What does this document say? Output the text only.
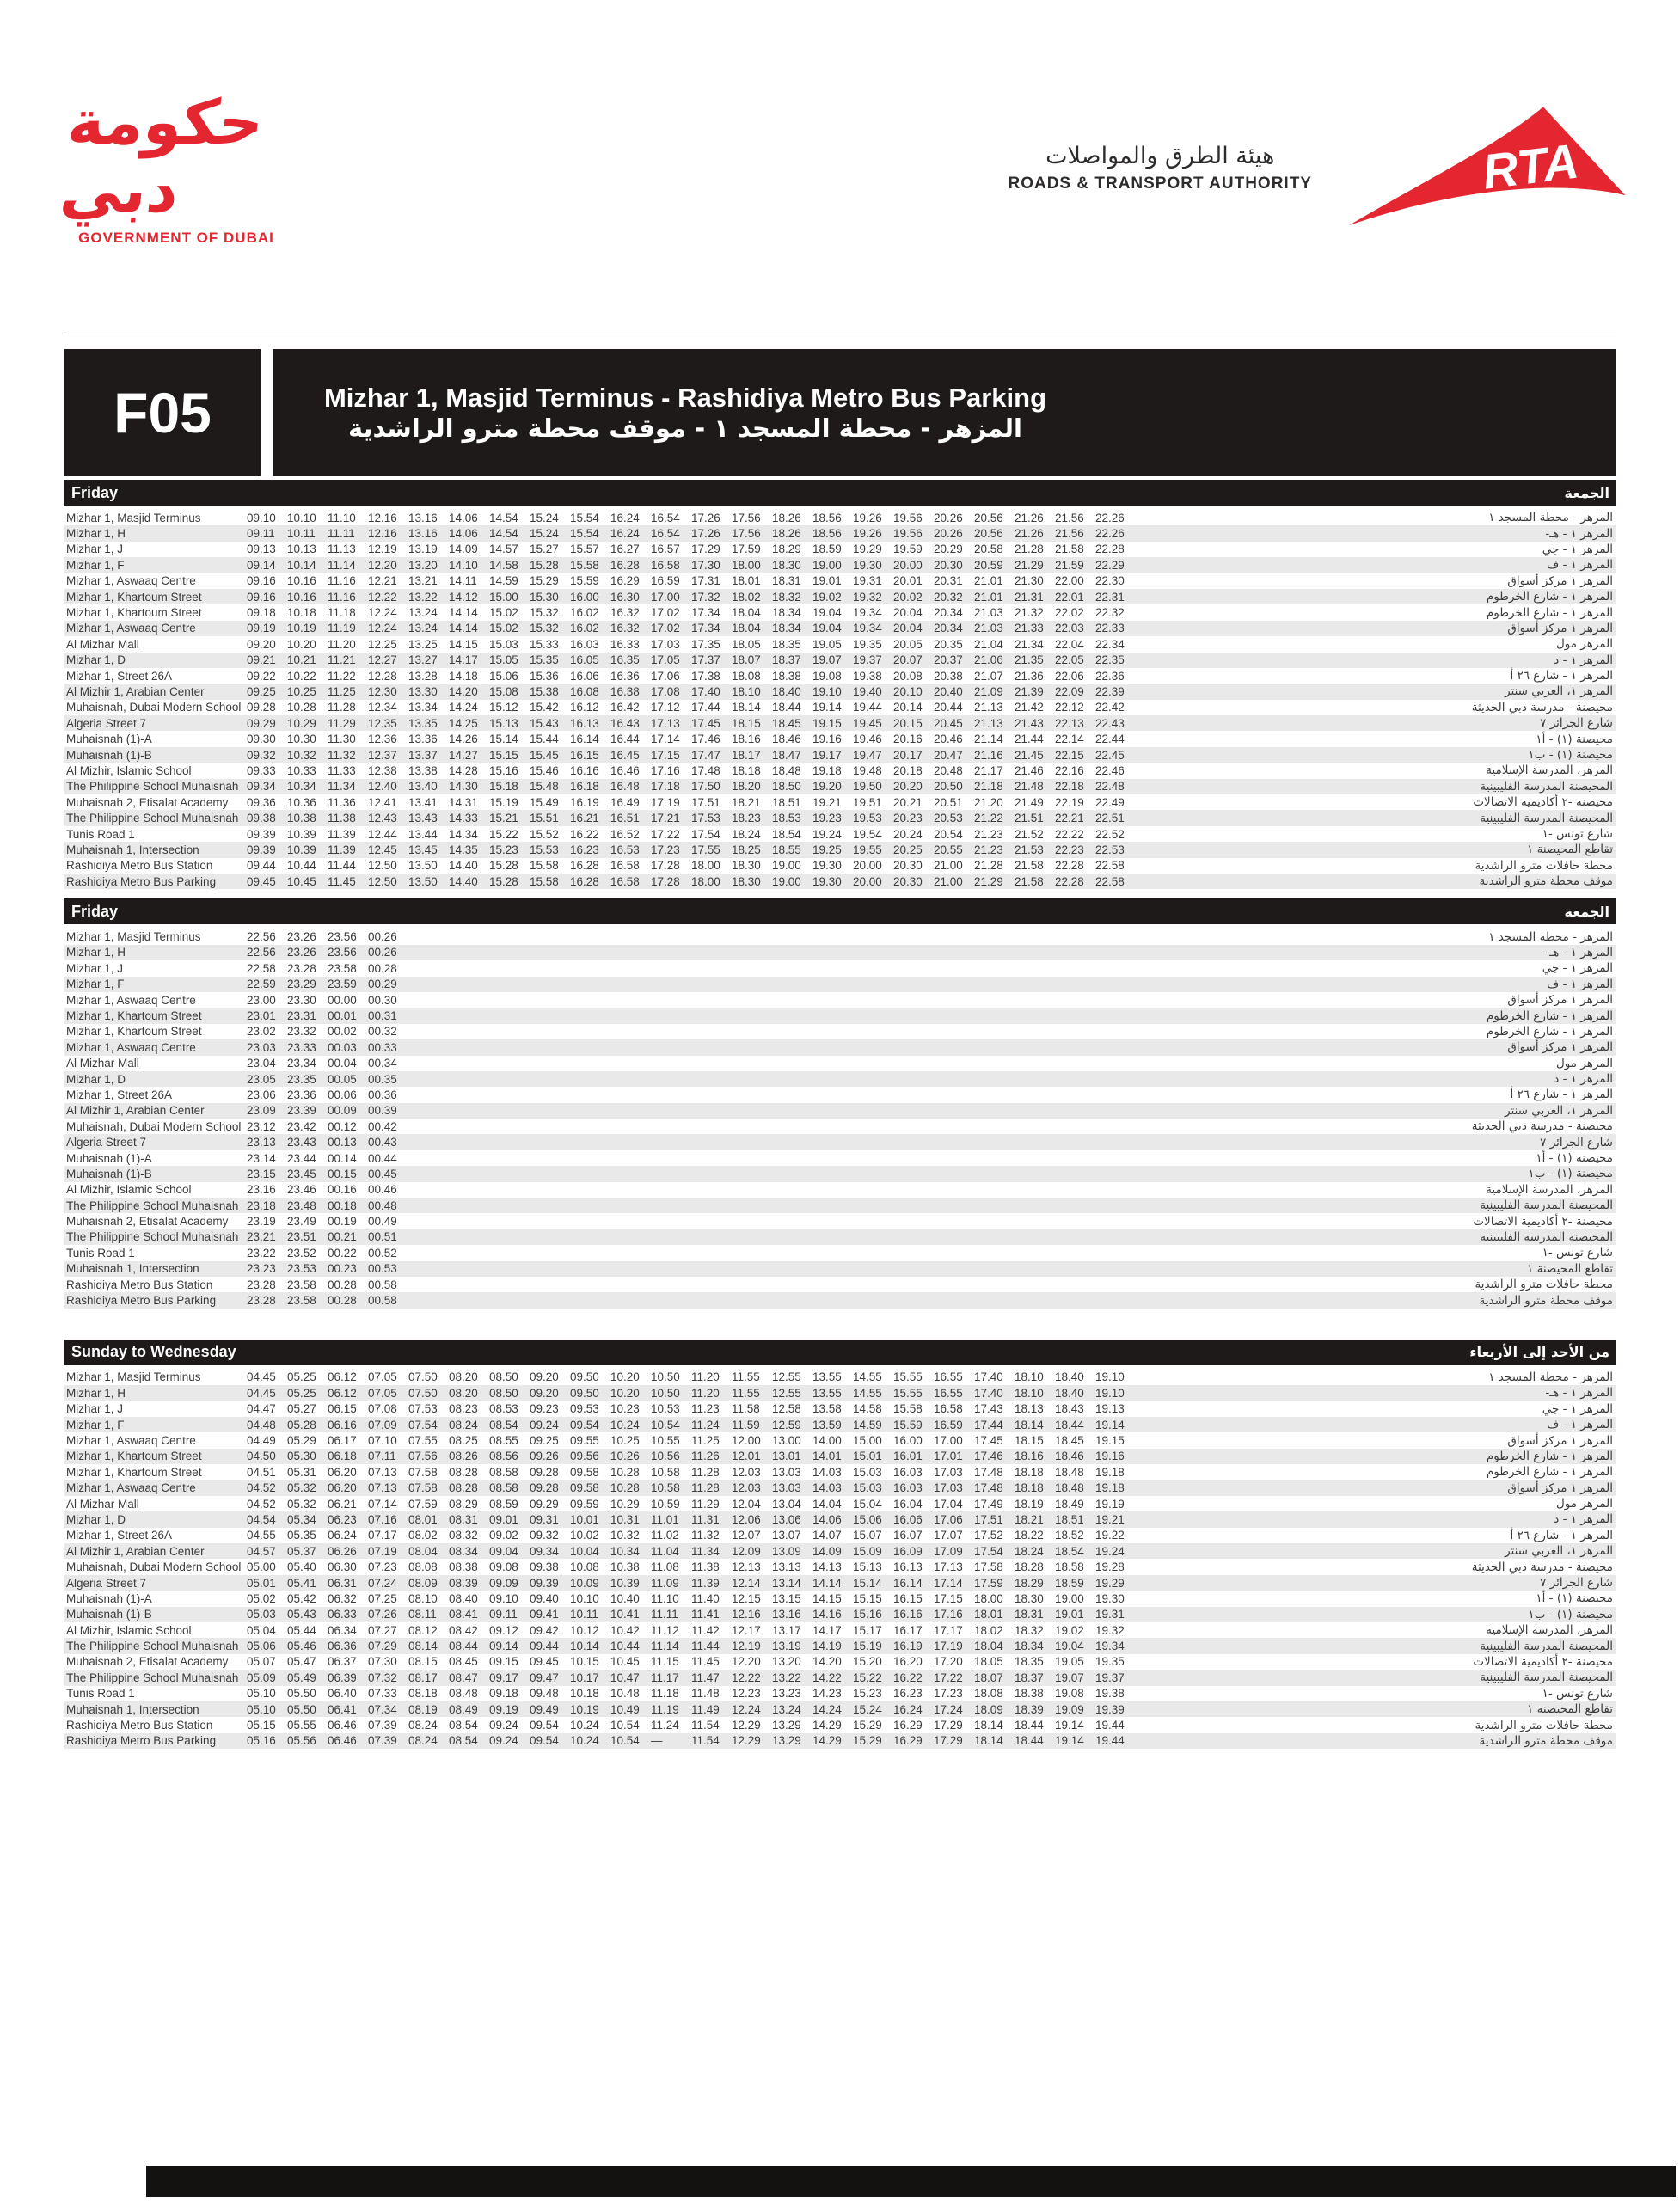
حكومة دبي
GOVERNMENT OF DUBAI
هيئة الطرق والمواصلات
ROADS & TRANSPORT AUTHORITY	RTA
F05	Mizhar 1, Masjid Terminus - Rashidiya Metro Bus Parking
المزهر - محطة المسجد ١ - موقف محطة مترو الراشدية
Friday	الجمعة
Mizhar 1, Masjid Terminus	09.10 10.10 11.10	12.16 13.16 14.06 14.54 15.24 15.54 16.24 16.54 17.26 17.56 18.26 18.56 19.26 19.56 20.26 20.56 21.26 21.56 22.26	المزهر - محطة المسجد ١
Mizhar 1, H	09.11	10.11	11.11	12.16 13.16 14.06 14.54 15.24 15.54 16.24 16.54 17.26 17.56 18.26 18.56 19.26 19.56 20.26 20.56 21.26 21.56 22.26	المزهر ١ - هـ-
Mizhar 1, J	09.13 10.13 11.13	12.19 13.19 14.09 14.57 15.27 15.57 16.27 16.57 17.29 17.59 18.29 18.59 19.29 19.59 20.29 20.58 21.28 21.58 22.28	المزهر ١ - جي
Mizhar 1, F	09.14 10.14 11.14	12.20 13.20 14.10 14.58 15.28 15.58 16.28 16.58 17.30 18.00 18.30 19.00 19.30 20.00 20.30 20.59 21.29 21.59 22.29	المزهر ١ - ف
Mizhar 1, Aswaaq Centre	09.16 10.16 11.16	12.21 13.21 14.11	14.59 15.29 15.59 16.29 16.59 17.31 18.01 18.31 19.01 19.31 20.01 20.31 21.01 21.30 22.00 22.30	المزهر ١ مركز أسواق
Mizhar 1, Khartoum Street	09.16 10.16 11.16	12.22 13.22 14.12 15.00 15.30 16.00 16.30 17.00 17.32 18.02 18.32 19.02 19.32 20.02 20.32 21.01 21.31 22.01 22.31	المزهر ١ - شارع الخرطوم
Mizhar 1, Khartoum Street	09.18 10.18 11.18	12.24 13.24 14.14 15.02 15.32 16.02 16.32 17.02 17.34 18.04 18.34 19.04 19.34 20.04 20.34 21.03 21.32 22.02 22.32	المزهر ١ - شارع الخرطوم
Mizhar 1, Aswaaq Centre	09.19 10.19 11.19	12.24 13.24 14.14 15.02 15.32 16.02 16.32 17.02 17.34 18.04 18.34 19.04 19.34 20.04 20.34 21.03 21.33 22.03 22.33	المزهر ١ مركز أسواق
Al Mizhar Mall	09.20 10.20 11.20	12.25 13.25 14.15 15.03 15.33 16.03 16.33 17.03 17.35 18.05 18.35 19.05 19.35 20.05 20.35 21.04 21.34 22.04 22.34	المزهر مول
Mizhar 1, D	09.21 10.21 11.21	12.27 13.27 14.17 15.05 15.35 16.05 16.35 17.05 17.37 18.07 18.37 19.07 19.37 20.07 20.37 21.06 21.35 22.05 22.35	المزهر ١ - د
Mizhar 1, Street 26A	09.22 10.22 11.22	12.28 13.28 14.18 15.06 15.36 16.06 16.36 17.06 17.38 18.08 18.38 19.08 19.38 20.08 20.38 21.07 21.36 22.06 22.36	المزهر ١ - شارع ٢٦ أ
Al Mizhir 1, Arabian Center	09.25 10.25 11.25	12.30 13.30 14.20 15.08 15.38 16.08 16.38 17.08 17.40 18.10 18.40 19.10 19.40 20.10 20.40 21.09 21.39 22.09 22.39	المزهر ١، العربي سنتر
Muhaisnah, Dubai Modern School 09.28 10.28 11.28	12.34 13.34 14.24 15.12 15.42 16.12 16.42 17.12 17.44 18.14 18.44 19.14 19.44 20.14 20.44 21.13 21.42 22.12 22.42	محيصنة - مدرسة دبي الحديثة
Algeria Street 7	09.29 10.29 11.29	12.35 13.35 14.25 15.13 15.43 16.13 16.43 17.13 17.45 18.15 18.45 19.15 19.45 20.15 20.45 21.13 21.43 22.13 22.43	شارع الجزائر ٧
Muhaisnah (1)-A	09.30 10.30 11.30	12.36 13.36 14.26 15.14 15.44 16.14 16.44 17.14 17.46 18.16 18.46 19.16 19.46 20.16 20.46 21.14 21.44 22.14 22.44	محيصنة (١) - أ١
Muhaisnah (1)-B	09.32 10.32 11.32	12.37 13.37 14.27 15.15 15.45 16.15 16.45 17.15 17.47 18.17 18.47 19.17 19.47 20.17 20.47 21.16 21.45 22.15 22.45	محيصنة (١) - ب١
Al Mizhir, Islamic School	09.33 10.33 11.33	12.38 13.38 14.28 15.16 15.46 16.16 16.46 17.16 17.48 18.18 18.48 19.18 19.48 20.18 20.48 21.17 21.46 22.16 22.46	المزهر، المدرسة الإسلامية
The Philippine School Muhaisnah 09.34 10.34 11.34	12.40 13.40 14.30 15.18 15.48 16.18 16.48 17.18 17.50 18.20 18.50 19.20 19.50 20.20 20.50 21.18 21.48 22.18 22.48	المحيصنة المدرسة الفليبينية
Muhaisnah 2, Etisalat Academy	09.36 10.36 11.36	12.41 13.41 14.31 15.19 15.49 16.19 16.49 17.19 17.51 18.21 18.51 19.21 19.51 20.21 20.51 21.20 21.49 22.19 22.49	محيصنة -٢ أكاديمية الاتصالات
The Philippine School Muhaisnah 09.38 10.38 11.38	12.43 13.43 14.33 15.21 15.51 16.21 16.51 17.21 17.53 18.23 18.53 19.23 19.53 20.23 20.53 21.22 21.51 22.21 22.51	المحيصنة المدرسة الفليبينية
Tunis Road 1	09.39 10.39 11.39	12.44 13.44 14.34 15.22 15.52 16.22 16.52 17.22 17.54 18.24 18.54 19.24 19.54 20.24 20.54 21.23 21.52 22.22 22.52	شارع تونس -١
Muhaisnah 1, Intersection	09.39 10.39 11.39	12.45 13.45 14.35 15.23 15.53 16.23 16.53 17.23 17.55 18.25 18.55 19.25 19.55 20.25 20.55 21.23 21.53 22.23 22.53	تقاطع المحيصنة ١
Rashidiya Metro Bus Station	09.44 10.44 11.44	12.50 13.50 14.40 15.28 15.58 16.28 16.58 17.28 18.00 18.30 19.00 19.30 20.00 20.30 21.00 21.28 21.58 22.28 22.58	محطة حافلات مترو الراشدية
Rashidiya Metro Bus Parking	09.45 10.45 11.45	12.50 13.50 14.40 15.28 15.58 16.28 16.58 17.28 18.00 18.30 19.00 19.30 20.00 20.30 21.00 21.29 21.58 22.28 22.58	موقف محطة مترو الراشدية
Friday	الجمعة
Mizhar 1, Masjid Terminus	22.56 23.26 23.56 00.26	المزهر - محطة المسجد ١
Mizhar 1, H	22.56 23.26 23.56 00.26	المزهر ١ - هـ-
Mizhar 1, J	22.58 23.28 23.58 00.28	المزهر ١ - جي
Mizhar 1, F	22.59 23.29 23.59 00.29	المزهر ١ - ف
Mizhar 1, Aswaaq Centre	23.00 23.30 00.00 00.30	المزهر ١ مركز أسواق
Mizhar 1, Khartoum Street	23.01 23.31 00.01 00.31	المزهر ١ - شارع الخرطوم
Mizhar 1, Khartoum Street	23.02 23.32 00.02 00.32	المزهر ١ - شارع الخرطوم
Mizhar 1, Aswaaq Centre	23.03 23.33 00.03 00.33	المزهر ١ مركز أسواق
Al Mizhar Mall	23.04 23.34 00.04 00.34	المزهر مول
Mizhar 1, D	23.05 23.35 00.05 00.35	المزهر ١ - د
Mizhar 1, Street 26A	23.06 23.36 00.06 00.36	المزهر ١ - شارع ٢٦ أ
Al Mizhir 1, Arabian Center	23.09 23.39 00.09 00.39	المزهر ١، العربي سنتر
Muhaisnah, Dubai Modern School 23.12 23.42 00.12 00.42	محيصنة - مدرسة دبي الحديثة
Algeria Street 7	23.13 23.43 00.13 00.43	شارع الجزائر ٧
Muhaisnah (1)-A	23.14 23.44 00.14 00.44	محيصنة (١) - أ١
Muhaisnah (1)-B	23.15 23.45 00.15 00.45	محيصنة (١) - ب١
Al Mizhir, Islamic School	23.16 23.46 00.16 00.46	المزهر، المدرسة الإسلامية
The Philippine School Muhaisnah 23.18 23.48 00.18 00.48	المحيصنة المدرسة الفليبينية
Muhaisnah 2, Etisalat Academy	23.19 23.49 00.19 00.49	محيصنة -٢ أكاديمية الاتصالات
The Philippine School Muhaisnah 23.21 23.51 00.21 00.51	المحيصنة المدرسة الفليبينية
Tunis Road 1	23.22 23.52 00.22 00.52	شارع تونس -١
Muhaisnah 1, Intersection	23.23 23.53 00.23 00.53	تقاطع المحيصنة ١
Rashidiya Metro Bus Station	23.28 23.58 00.28 00.58	محطة حافلات مترو الراشدية
Rashidiya Metro Bus Parking	23.28 23.58 00.28 00.58	موقف محطة مترو الراشدية
Sunday to Wednesday	من الأحد إلى الأربعاء
Mizhar 1, Masjid Terminus	04.45 05.25 06.12 07.05 07.50 08.20 08.50 09.20 09.50 10.20 10.50 11.20	11.55	12.55 13.55 14.55 15.55 16.55 17.40 18.10 18.40 19.10	المزهر - محطة المسجد ١
Mizhar 1, H	04.45 05.25 06.12 07.05 07.50 08.20 08.50 09.20 09.50 10.20 10.50 11.20	11.55	12.55 13.55 14.55 15.55 16.55 17.40 18.10 18.40 19.10	المزهر ١ - هـ-
Mizhar 1, J	04.47 05.27 06.15 07.08 07.53 08.23 08.53 09.23 09.53 10.23 10.53 11.23	11.58	12.58 13.58 14.58 15.58 16.58 17.43 18.13 18.43 19.13	المزهر ١ - جي
Mizhar 1, F	04.48 05.28 06.16 07.09 07.54 08.24 08.54 09.24 09.54 10.24 10.54 11.24	11.59	12.59 13.59 14.59 15.59 16.59 17.44 18.14 18.44 19.14	المزهر ١ - ف
Mizhar 1, Aswaaq Centre	04.49 05.29 06.17 07.10 07.55 08.25 08.55 09.25 09.55 10.25 10.55 11.25	12.00 13.00 14.00 15.00 16.00 17.00 17.45 18.15 18.45 19.15	المزهر ١ مركز أسواق
Mizhar 1, Khartoum Street	04.50 05.30 06.18 07.11	07.56 08.26 08.56 09.26 09.56 10.26 10.56 11.26	12.01 13.01 14.01 15.01 16.01 17.01 17.46 18.16 18.46 19.16	المزهر ١ - شارع الخرطوم
Mizhar 1, Khartoum Street	04.51 05.31 06.20 07.13 07.58 08.28 08.58 09.28 09.58 10.28 10.58 11.28	12.03 13.03 14.03 15.03 16.03 17.03 17.48 18.18 18.48 19.18	المزهر ١ - شارع الخرطوم
Mizhar 1, Aswaaq Centre	04.52 05.32 06.20 07.13 07.58 08.28 08.58 09.28 09.58 10.28 10.58 11.28	12.03 13.03 14.03 15.03 16.03 17.03 17.48 18.18 18.48 19.18	المزهر ١ مركز أسواق
Al Mizhar Mall	04.52 05.32 06.21 07.14 07.59 08.29 08.59 09.29 09.59 10.29 10.59 11.29	12.04 13.04 14.04 15.04 16.04 17.04 17.49 18.19 18.49 19.19	المزهر مول
Mizhar 1, D	04.54 05.34 06.23 07.16 08.01 08.31 09.01 09.31 10.01 10.31 11.01	11.31	12.06 13.06 14.06 15.06 16.06 17.06 17.51 18.21 18.51 19.21	المزهر ١ - د
Mizhar 1, Street 26A	04.55 05.35 06.24 07.17 08.02 08.32 09.02 09.32 10.02 10.32 11.02	11.32	12.07 13.07 14.07 15.07 16.07 17.07 17.52 18.22 18.52 19.22	المزهر ١ - شارع ٢٦ أ
Al Mizhir 1, Arabian Center	04.57 05.37 06.26 07.19 08.04 08.34 09.04 09.34 10.04 10.34 11.04	11.34	12.09 13.09 14.09 15.09 16.09 17.09 17.54 18.24 18.54 19.24	المزهر ١، العربي سنتر
Muhaisnah, Dubai Modern School 05.00 05.40 06.30 07.23 08.08 08.38 09.08 09.38 10.08 10.38 11.08	11.38	12.13 13.13 14.13 15.13 16.13 17.13 17.58 18.28 18.58 19.28	محيصنة - مدرسة دبي الحديثة
Algeria Street 7	05.01 05.41 06.31 07.24 08.09 08.39 09.09 09.39 10.09 10.39 11.09	11.39	12.14 13.14 14.14 15.14 16.14 17.14 17.59 18.29 18.59 19.29	شارع الجزائر ٧
Muhaisnah (1)-A	05.02 05.42 06.32 07.25 08.10 08.40 09.10 09.40 10.10 10.40 11.10	11.40	12.15 13.15 14.15 15.15 16.15 17.15 18.00 18.30 19.00 19.30	محيصنة (١) - أ١
Muhaisnah (1)-B	05.03 05.43 06.33 07.26 08.11	08.41 09.11	09.41 10.11	10.41 11.11	11.41	12.16 13.16 14.16 15.16 16.16 17.16 18.01 18.31 19.01 19.31	محيصنة (١) - ب١
Al Mizhir, Islamic School	05.04 05.44 06.34 07.27 08.12 08.42 09.12 09.42 10.12 10.42 11.12	11.42	12.17 13.17 14.17 15.17 16.17 17.17 18.02 18.32 19.02 19.32	المزهر، المدرسة الإسلامية
The Philippine School Muhaisnah 05.06 05.46 06.36 07.29 08.14 08.44 09.14 09.44 10.14 10.44 11.14	11.44	12.19 13.19 14.19 15.19 16.19 17.19 18.04 18.34 19.04 19.34	المحيصنة المدرسة الفليبينية
Muhaisnah 2, Etisalat Academy	05.07 05.47 06.37 07.30 08.15 08.45 09.15 09.45 10.15 10.45 11.15	11.45	12.20 13.20 14.20 15.20 16.20 17.20 18.05 18.35 19.05 19.35	محيصنة -٢ أكاديمية الاتصالات
The Philippine School Muhaisnah 05.09 05.49 06.39 07.32 08.17 08.47 09.17 09.47 10.17 10.47 11.17	11.47	12.22 13.22 14.22 15.22 16.22 17.22 18.07 18.37 19.07 19.37	المحيصنة المدرسة الفليبينية
Tunis Road 1	05.10 05.50 06.40 07.33 08.18 08.48 09.18 09.48 10.18 10.48 11.18	11.48	12.23 13.23 14.23 15.23 16.23 17.23 18.08 18.38 19.08 19.38	شارع تونس -١
Muhaisnah 1, Intersection	05.10 05.50 06.41 07.34 08.19 08.49 09.19 09.49 10.19 10.49 11.19	11.49	12.24 13.24 14.24 15.24 16.24 17.24 18.09 18.39 19.09 19.39	تقاطع المحيصنة ١
Rashidiya Metro Bus Station	05.15 05.55 06.46 07.39 08.24 08.54 09.24 09.54 10.24 10.54 11.24	11.54	12.29 13.29 14.29 15.29 16.29 17.29 18.14 18.44 19.14 19.44	محطة حافلات مترو الراشدية
Rashidiya Metro Bus Parking	05.16 05.56 06.46 07.39 08.24 08.54 09.24 09.54 10.24 10.54 —	11.54	12.29 13.29 14.29 15.29 16.29 17.29 18.14 18.44 19.14 19.44	موقف محطة مترو الراشدية
